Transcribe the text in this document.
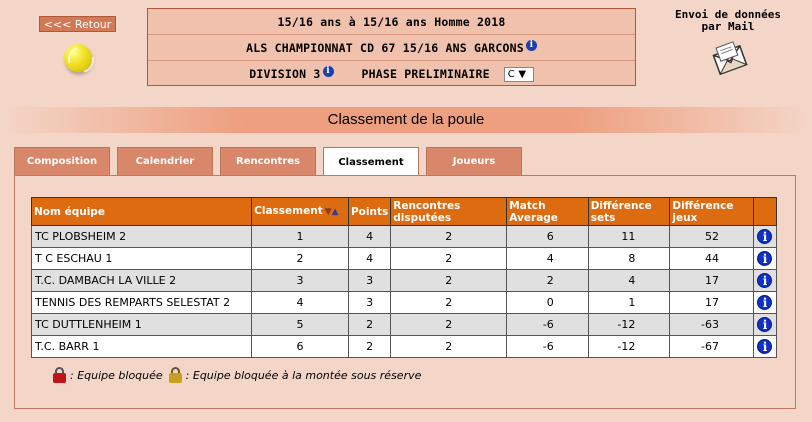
<<< Retour	15/16 ans à 15/16 ans Homme 2018
ALS CHAMPIONNAT CD 67 15/16 ANS GARCONS i
DIVISION 3 i	PHASE PRELIMINAIRE	C ▼
Envoi de données
par Mail
Classement de la poule
Composition	Calendrier	Rencontres	Classement	Joueurs
Nom équipe	Classement ▼▲	Points	Rencontres disputées	Match Average	Différence sets	Différence jeux	
TC PLOBSHEIM 2	1	4	2	6	11	52	i
T C ESCHAU 1	2	4	2	4	8	44	i
T.C. DAMBACH LA VILLE 2	3	3	2	2	4	17	i
TENNIS DES REMPARTS SELESTAT 2	4	3	2	0	1	17	i
TC DUTTLENHEIM 1	5	2	2	-6	-12	-63	i
T.C. BARR 1	6	2	2	-6	-12	-67	i
: Equipe bloquée : Equipe bloquée à la montée sous réserve
